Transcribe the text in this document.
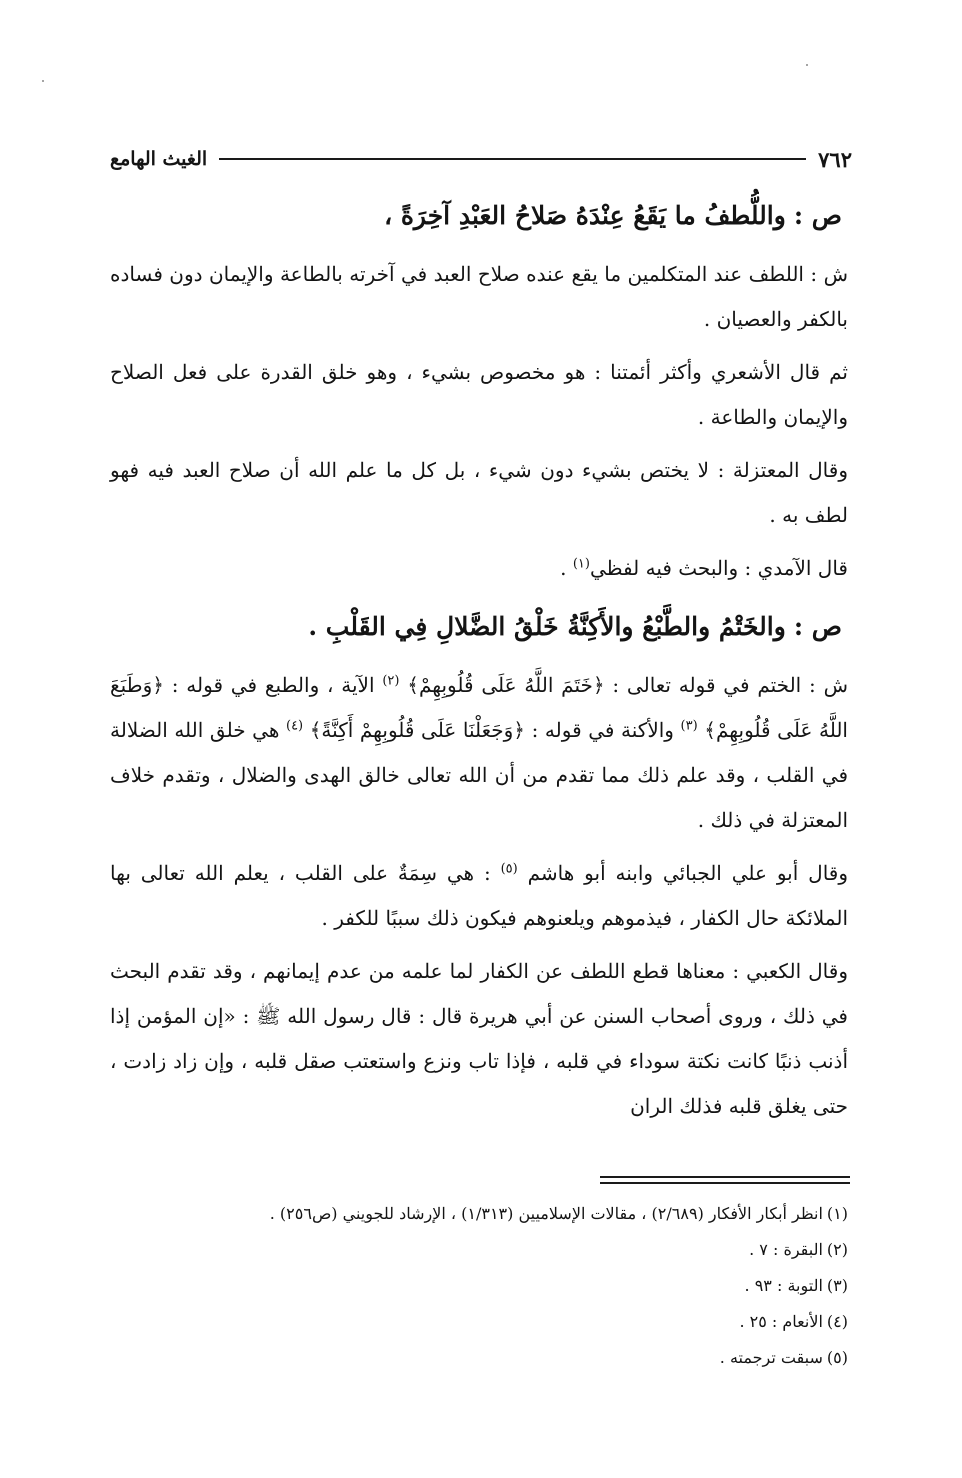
٧٦٢
الغيث الهامع

ص :واللُّطفُ ما يَقَعُ عِنْدَهُ صَلاحُ العَبْدِ آخِرَةً ،

ش : اللطف عند المتكلمين ما يقع عنده صلاح العبد في آخرته بالطاعة والإيمان دون فساده بالكفر والعصيان .

ثم قال الأشعري وأكثر أئمتنا : هو مخصوص بشيء ، وهو خلق القدرة على فعل الصلاح والإيمان والطاعة .

وقال المعتزلة : لا يختص بشيء دون شيء ، بل كل ما علم الله أن صلاح العبد فيه فهو لطف به .

قال الآمدي : والبحث فيه لفظي$^{(١)}$ .

ص :والخَتْمُ والطَّبْعُ والأَكِنَّةُ خَلْقُ الضَّلالِ فِي القَلْبِ .

ش : الختم في قوله تعالى : ﴿خَتَمَ اللَّهُ عَلَى قُلُوبِهِمْ﴾ $^{(٢)}$ الآية ، والطبع في قوله : ﴿وَطَبَعَ اللَّهُ عَلَى قُلُوبِهِمْ﴾ $^{(٣)}$ والأكنة في قوله : ﴿وَجَعَلْنَا عَلَى قُلُوبِهِمْ أَكِنَّةً﴾ $^{(٤)}$ هي خلق الله الضلالة في القلب ، وقد علم ذلك مما تقدم من أن الله تعالى خالق الهدى والضلال ، وتقدم خلاف المعتزلة في ذلك .

وقال أبو علي الجبائي وابنه أبو هاشم $^{(٥)}$ : هي سِمَةٌ على القلب ، يعلم الله تعالى بها الملائكة حال الكفار ، فيذموهم ويلعنوهم فيكون ذلك سببًا للكفر .

وقال الكعبي : معناها قطع اللطف عن الكفار لما علمه من عدم إيمانهم ، وقد تقدم البحث في ذلك ، وروى أصحاب السنن عن أبي هريرة قال : قال رسول الله ﷺ : «إن المؤمن إذا أذنب ذنبًا كانت نكتة سوداء في قلبه ، فإذا تاب ونزع واستعتب صقل قلبه ، وإن زاد زادت ، حتى يغلق قلبه فذلك الران

(١)انظر أبكار الأفكار (٢/٦٨٩) ، مقالات الإسلاميين (١/٣١٣) ، الإرشاد للجويني (ص٢٥٦) .

(٢)البقرة : ٧ .

(٣)التوبة : ٩٣ .

(٤)الأنعام : ٢٥ .

(٥)سبقت ترجمته .
